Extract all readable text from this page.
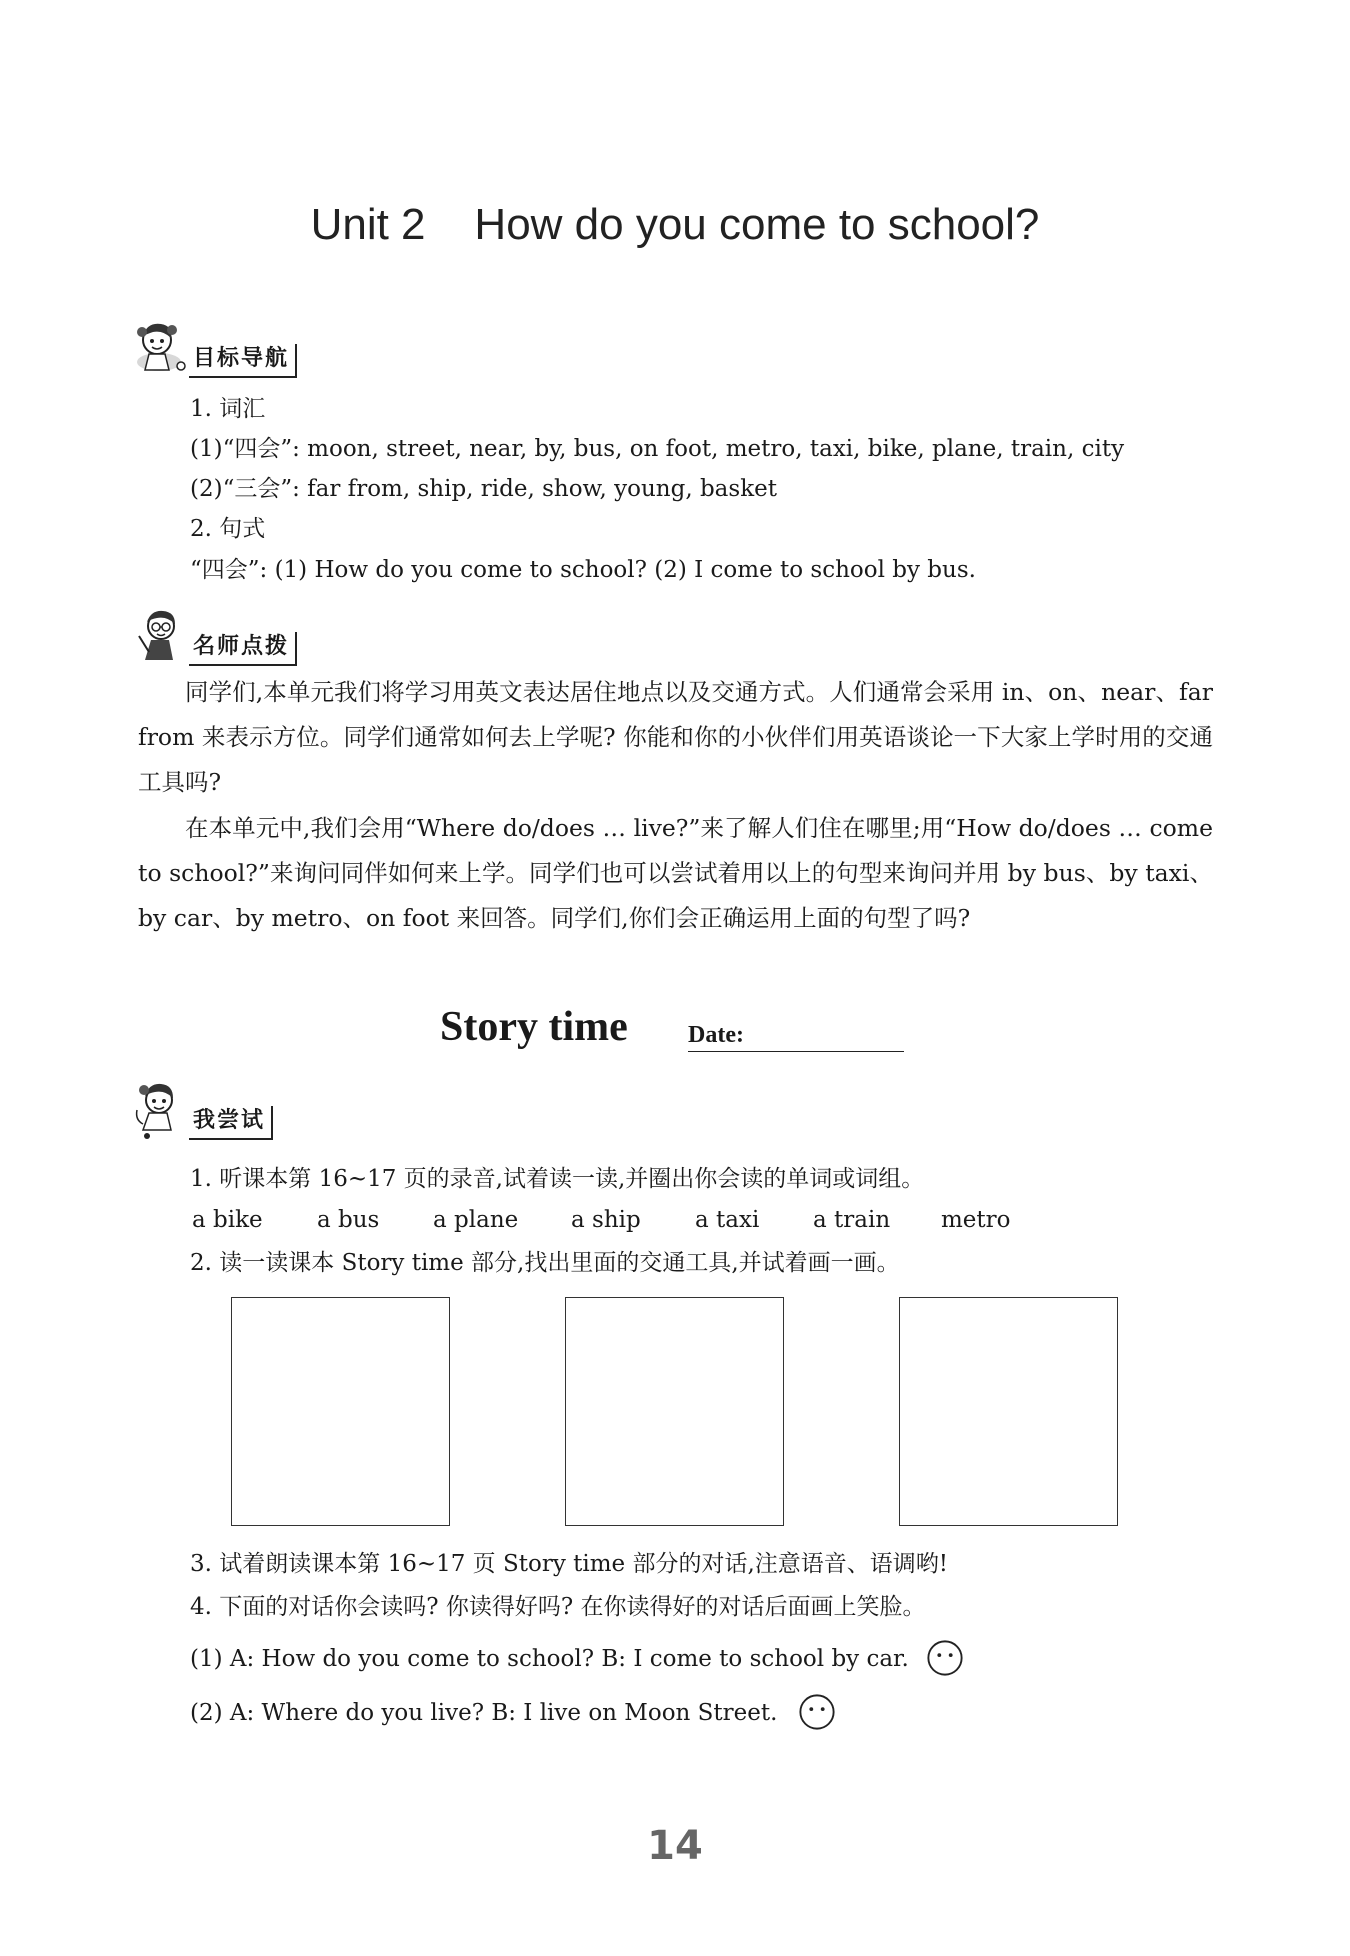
Unit 2    How do you come to school?
目标导航
1. 词汇
(1)“四会”: moon, street, near, by, bus, on foot, metro, taxi, bike, plane, train, city
(2)“三会”: far from, ship, ride, show, young, basket
2. 句式
“四会”: (1) How do you come to school? (2) I come to school by bus.
名师点拨
同学们,本单元我们将学习用英文表达居住地点以及交通方式。人们通常会采用 in、on、near、far from 来表示方位。同学们通常如何去上学呢? 你能和你的小伙伴们用英语谈论一下大家上学时用的交通工具吗?
在本单元中,我们会用“Where do/does … live?”来了解人们住在哪里;用“How do/does … come to school?”来询问同伴如何来上学。同学们也可以尝试着用以上的句型来询问并用 by bus、by taxi、by car、by metro、on foot 来回答。同学们,你们会正确运用上面的句型了吗?
Story time	Date:
我尝试
1. 听课本第 16~17 页的录音,试着读一读,并圈出你会读的单词或词组。
a bike a bus a plane a ship a taxi a train metro
2. 读一读课本 Story time 部分,找出里面的交通工具,并试着画一画。
3. 试着朗读课本第 16~17 页 Story time 部分的对话,注意语音、语调哟!
4. 下面的对话你会读吗? 你读得好吗? 在你读得好的对话后面画上笑脸。
(1) A: How do you come to school? B: I come to school by car.
(2) A: Where do you live? B: I live on Moon Street.
14
